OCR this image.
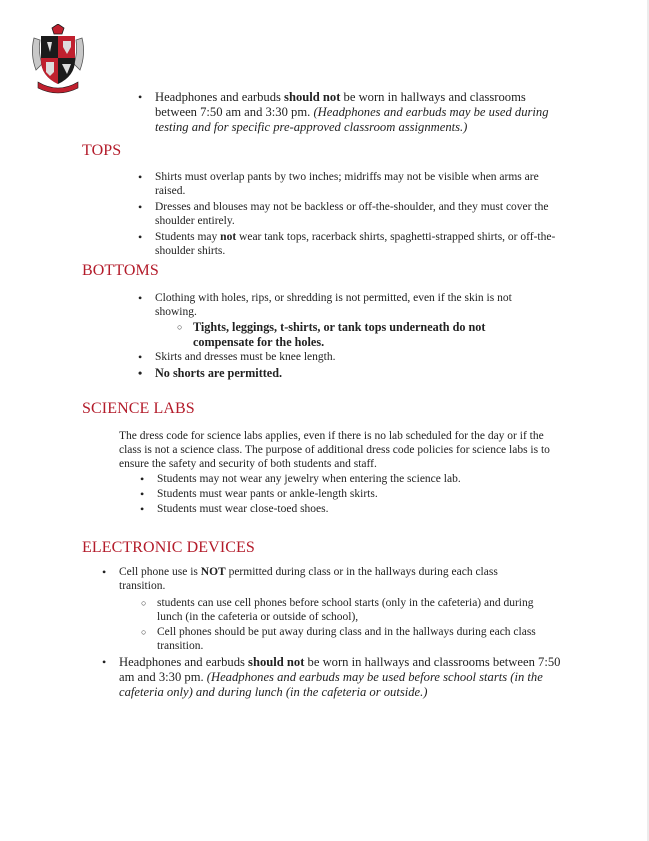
• Headphones and earbuds should not be worn in hallways and classrooms between 7:50 am and 3:30 pm. (Headphones and earbuds may be used during testing and for specific pre-approved classroom assignments.)
TOPS
• Shirts must overlap pants by two inches; midriffs may not be visible when arms are raised.
• Dresses and blouses may not be backless or off-the-shoulder, and they must cover the shoulder entirely.
• Students may not wear tank tops, racerback shirts, spaghetti-strapped shirts, or off-the-shoulder shirts.
BOTTOMS
• Clothing with holes, rips, or shredding is not permitted, even if the skin is not showing.
○ Tights, leggings, t-shirts, or tank tops underneath do not compensate for the holes.
• Skirts and dresses must be knee length.
• No shorts are permitted.
SCIENCE LABS

The dress code for science labs applies, even if there is no lab scheduled for the day or if the class is not a science class. The purpose of additional dress code policies for science labs is to ensure the safety and security of both students and staff.

• Students may not wear any jewelry when entering the science lab.
• Students must wear pants or ankle-length skirts.
• Students must wear close-toed shoes.
ELECTRONIC DEVICES
• Cell phone use is NOT permitted during class or in the hallways during each class transition.
○ students can use cell phones before school starts (only in the cafeteria) and during lunch (in the cafeteria or outside of school),
○ Cell phones should be put away during class and in the hallways during each class transition.
• Headphones and earbuds should not be worn in hallways and classrooms between 7:50 am and 3:30 pm. (Headphones and earbuds may be used before school starts (in the cafeteria only) and during lunch (in the cafeteria or outside.)
